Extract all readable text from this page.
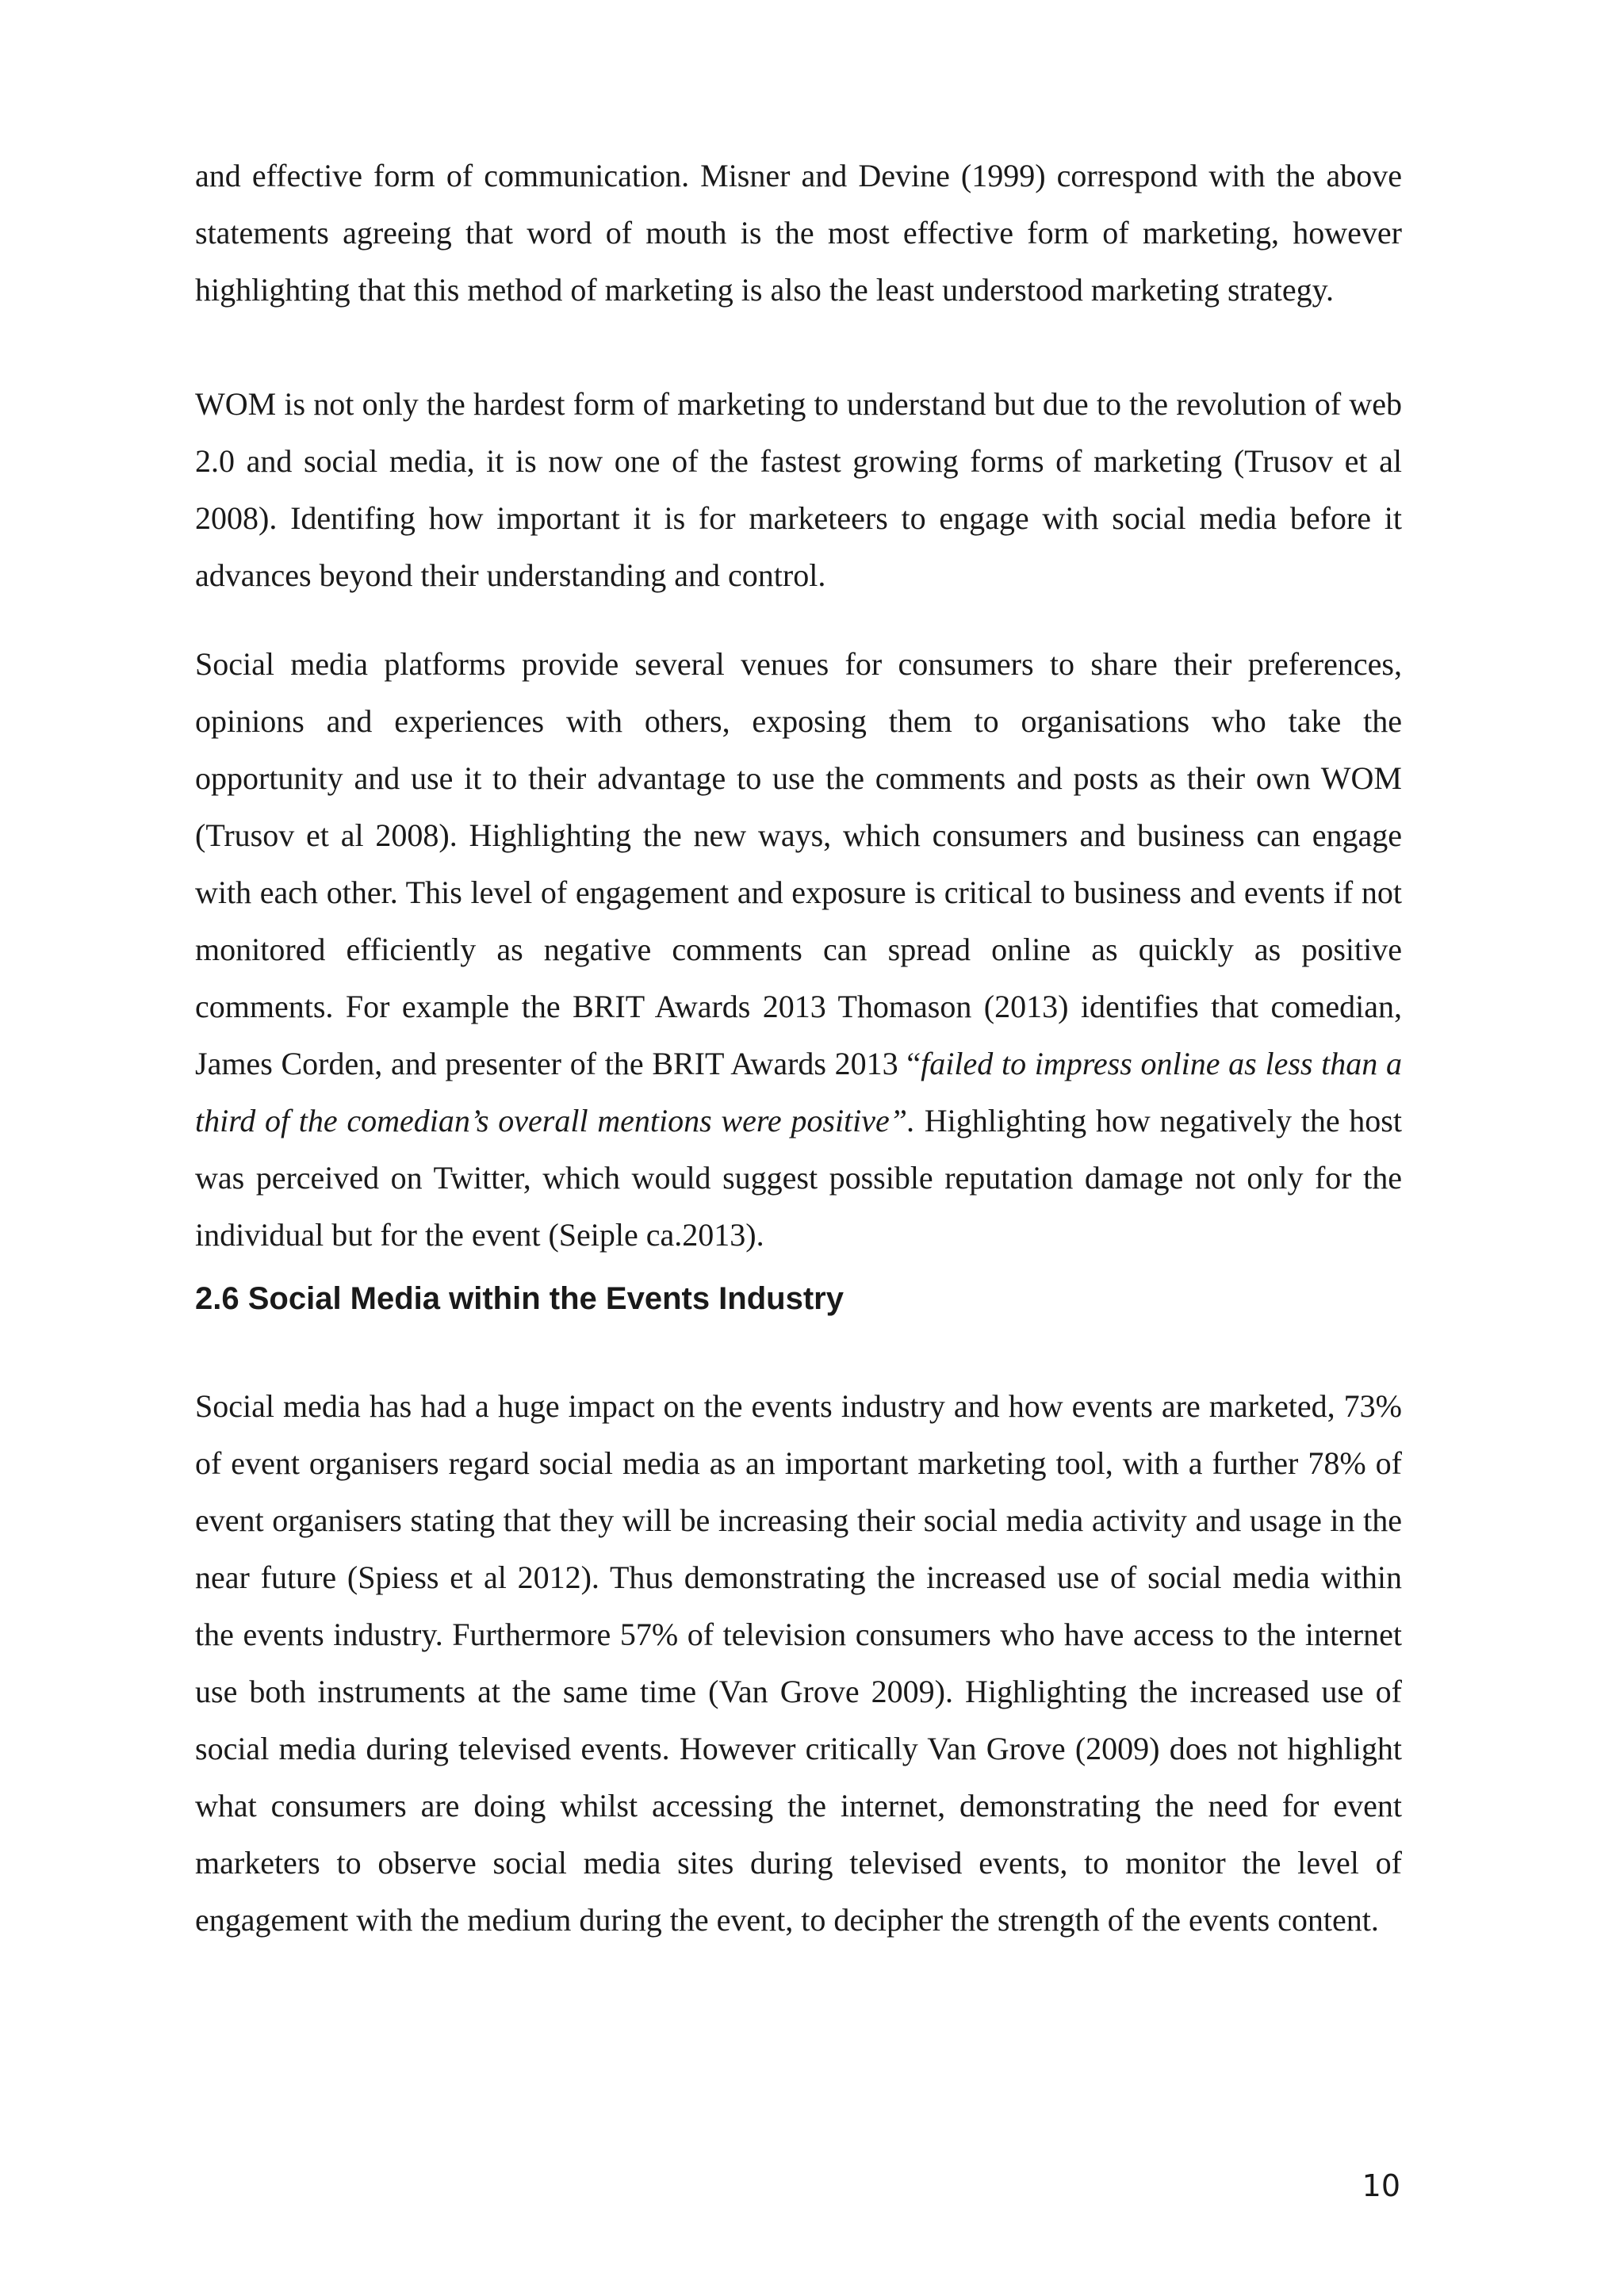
and effective form of communication. Misner and Devine (1999) correspond with the above statements agreeing that word of mouth is the most effective form of marketing, however highlighting that this method of marketing is also the least understood marketing strategy.

WOM is not only the hardest form of marketing to understand but due to the revolution of web 2.0 and social media, it is now one of the fastest growing forms of marketing (Trusov et al 2008). Identifing how important it is for marketeers to engage with social media before it advances beyond their understanding and control.

Social media platforms provide several venues for consumers to share their preferences, opinions and experiences with others, exposing them to organisations who take the opportunity and use it to their advantage to use the comments and posts as their own WOM (Trusov et al 2008). Highlighting the new ways, which consumers and business can engage with each other. This level of engagement and exposure is critical to business and events if not monitored efficiently as negative comments can spread online as quickly as positive comments. For example the BRIT Awards 2013 Thomason (2013) identifies that comedian, James Corden, and presenter of the BRIT Awards 2013 “failed to impress online as less than a third of the comedian’s overall mentions were positive”. Highlighting how negatively the host was perceived on Twitter, which would suggest possible reputation damage not only for the individual but for the event (Seiple ca.2013).

2.6 Social Media within the Events Industry

Social media has had a huge impact on the events industry and how events are marketed, 73% of event organisers regard social media as an important marketing tool, with a further 78% of event organisers stating that they will be increasing their social media activity and usage in the near future (Spiess et al 2012). Thus demonstrating the increased use of social media within the events industry. Furthermore 57% of television consumers who have access to the internet use both instruments at the same time (Van Grove 2009). Highlighting the increased use of social media during televised events. However critically Van Grove (2009) does not highlight what consumers are doing whilst accessing the internet, demonstrating the need for event marketers to observe social media sites during televised events, to monitor the level of engagement with the medium during the event, to decipher the strength of the events content.

10
